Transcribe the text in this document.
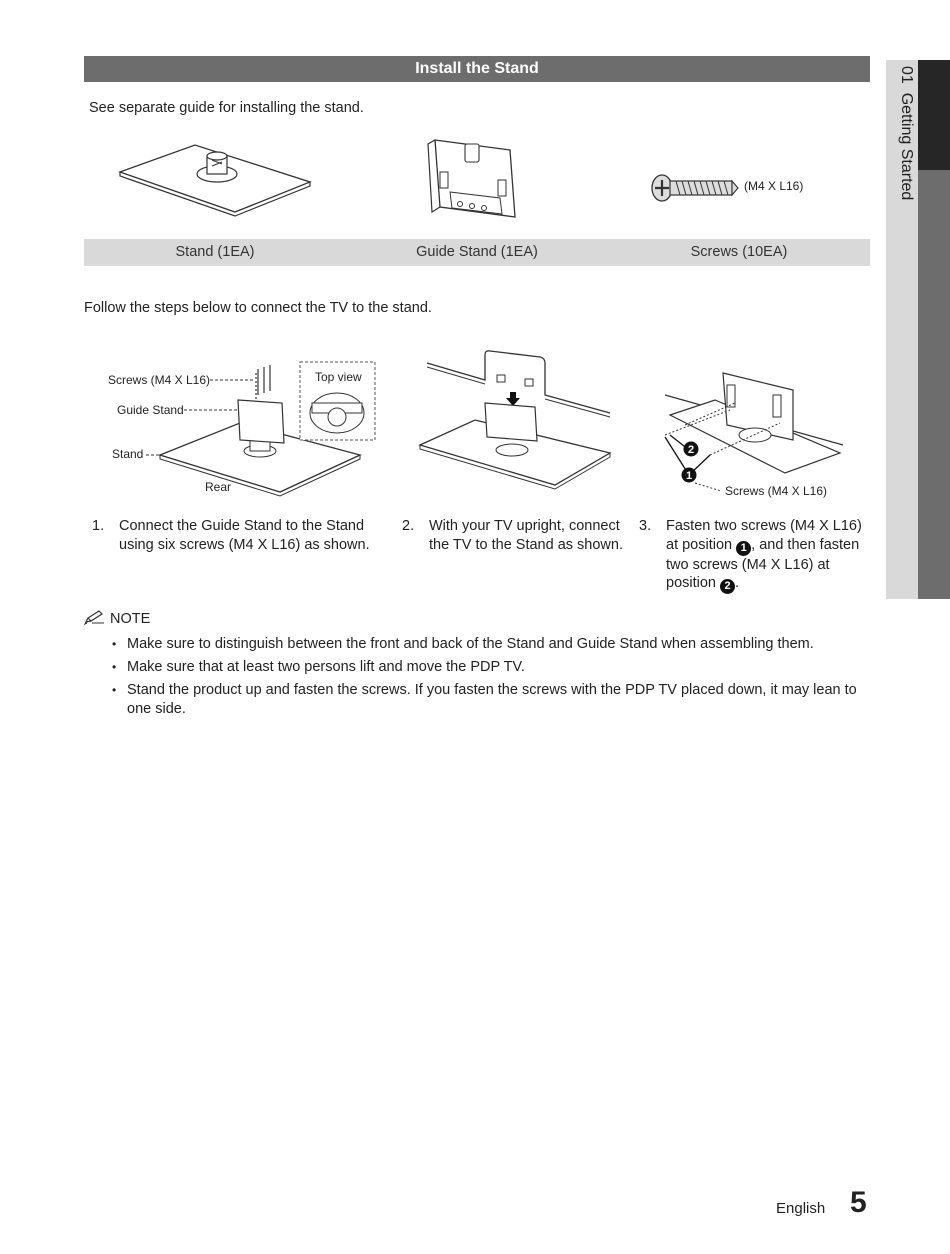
Install the Stand
See separate guide for installing the stand.
(M4 X L16)
Stand (1EA)	Guide Stand (1EA)	Screws (10EA)
Follow the steps below to connect the TV to the stand.
Screws (M4 X L16)
Guide Stand
Stand
Rear
Top view
1
2
Screws (M4 X L16)
1. Connect the Guide Stand to the Stand
using six screws (M4 X L16) as shown.
2. With your TV upright, connect
the TV to the Stand as shown.
3. Fasten two screws (M4 X L16)
at position 1 , and then fasten
two screws (M4 X L16) at
position 2 .
NOTE
• Make sure to distinguish between the front and back of the Stand and Guide Stand when assembling them.
• Make sure that at least two persons lift and move the PDP TV.
• Stand the product up and fasten the screws. If you fasten the screws with the PDP TV placed down, it may lean to one side.
01  Getting Started
English 5
